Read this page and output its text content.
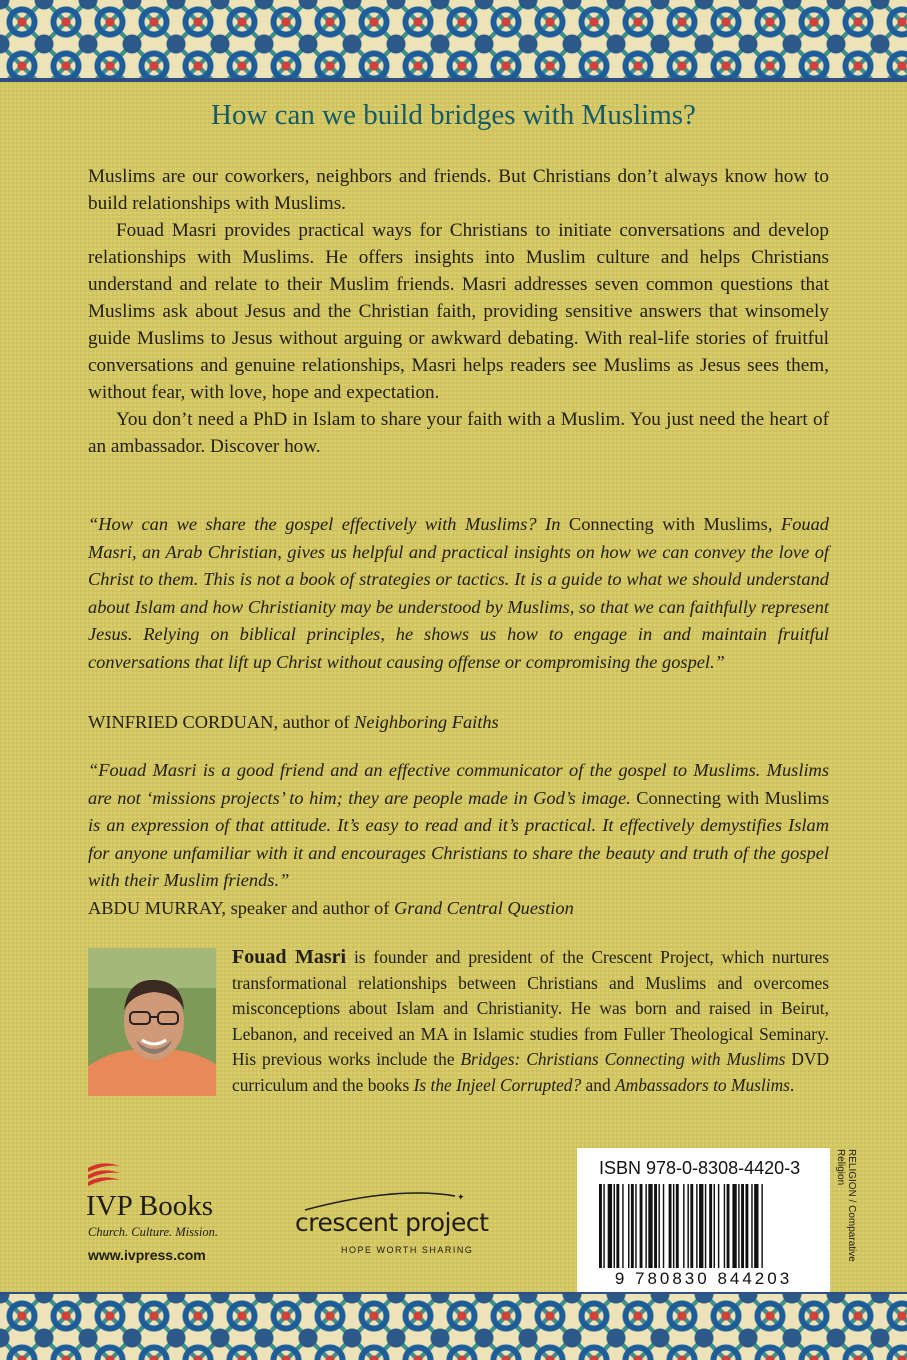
How can we build bridges with Muslims?

Muslims are our coworkers, neighbors and friends. But Christians don’t always know how to build relationships with Muslims.

Fouad Masri provides practical ways for Christians to initiate conversations and develop relationships with Muslims. He offers insights into Muslim culture and helps Christians understand and relate to their Muslim friends. Masri addresses seven common questions that Muslims ask about Jesus and the Christian faith, providing sensitive answers that winsomely guide Muslims to Jesus without arguing or awkward debating. With real-life stories of fruitful conversations and genuine relationships, Masri helps readers see Muslims as Jesus sees them, without fear, with love, hope and expectation.

You don’t need a PhD in Islam to share your faith with a Muslim. You just need the heart of an ambassador. Discover how.

“How can we share the gospel effectively with Muslims? In Connecting with Muslims, Fouad Masri, an Arab Christian, gives us helpful and practical insights on how we can convey the love of Christ to them. This is not a book of strategies or tactics. It is a guide to what we should understand about Islam and how Christianity may be understood by Muslims, so that we can faithfully represent Jesus. Relying on biblical principles, he shows us how to engage in and maintain fruitful conversations that lift up Christ without causing offense or compromising the gospel.”

WINFRIED CORDUAN, author of Neighboring Faiths

“Fouad Masri is a good friend and an effective communicator of the gospel to Muslims. Muslims are not ‘missions projects’ to him; they are people made in God’s image. Connecting with Muslims is an expression of that attitude. It’s easy to read and it’s practical. It effectively demystifies Islam for anyone unfamiliar with it and encourages Christians to share the beauty and truth of the gospel with their Muslim friends.”

ABDU MURRAY, speaker and author of Grand Central Question

Fouad Masri is founder and president of the Crescent Project, which nurtures transformational relationships between Christians and Muslims and overcomes misconceptions about Islam and Christianity. He was born and raised in Beirut, Lebanon, and received an MA in Islamic studies from Fuller Theological Seminary. His previous works include the Bridges: Christians Connecting with Muslims DVD curriculum and the books Is the Injeel Corrupted? and Ambassadors to Muslims.

IVP Books
Church. Culture. Mission.
www.ivpress.com
✦
crescent project
HOPE WORTH SHARING
ISBN 978-0-8308-4420-3
9 780830 844203
RELIGION / Comparative
Religion
